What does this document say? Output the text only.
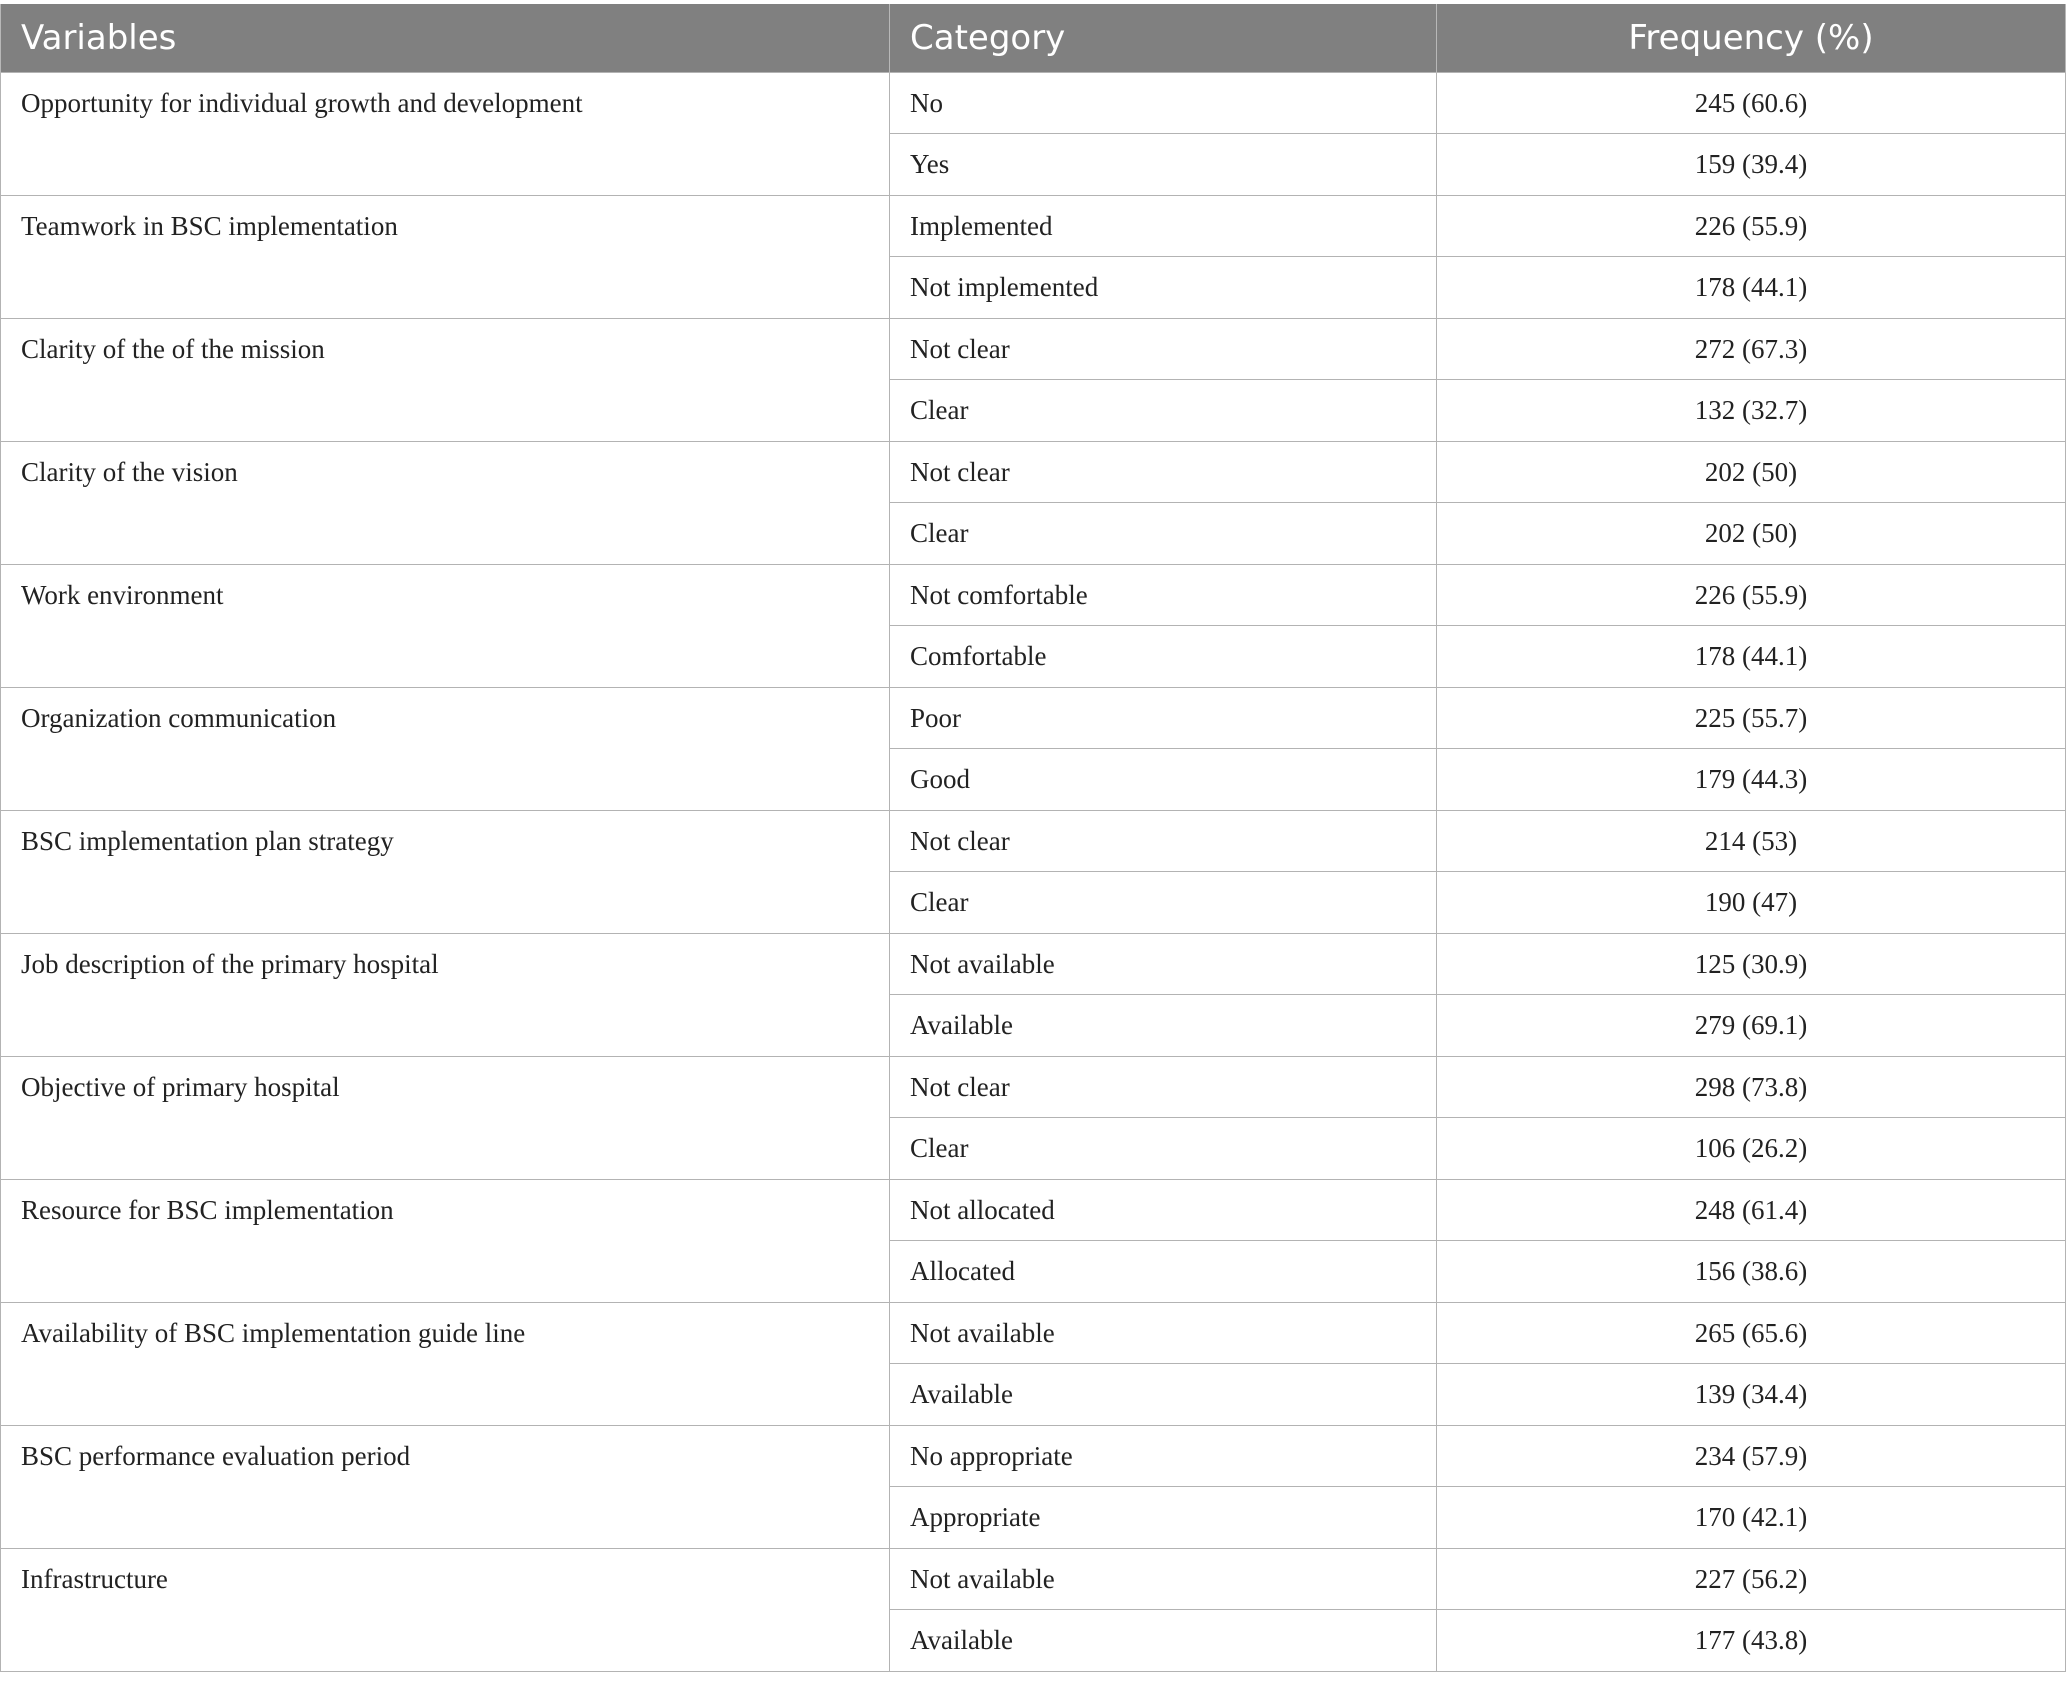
Variables	Category	Frequency (%)
Opportunity for individual growth and development	No	245 (60.6)
	Yes	159 (39.4)
Teamwork in BSC implementation	Implemented	226 (55.9)
	Not implemented	178 (44.1)
Clarity of the of the mission	Not clear	272 (67.3)
	Clear	132 (32.7)
Clarity of the vision	Not clear	202 (50)
	Clear	202 (50)
Work environment	Not comfortable	226 (55.9)
	Comfortable	178 (44.1)
Organization communication	Poor	225 (55.7)
	Good	179 (44.3)
BSC implementation plan strategy	Not clear	214 (53)
	Clear	190 (47)
Job description of the primary hospital	Not available	125 (30.9)
	Available	279 (69.1)
Objective of primary hospital	Not clear	298 (73.8)
	Clear	106 (26.2)
Resource for BSC implementation	Not allocated	248 (61.4)
	Allocated	156 (38.6)
Availability of BSC implementation guide line	Not available	265 (65.6)
	Available	139 (34.4)
BSC performance evaluation period	No appropriate	234 (57.9)
	Appropriate	170 (42.1)
Infrastructure	Not available	227 (56.2)
	Available	177 (43.8)
